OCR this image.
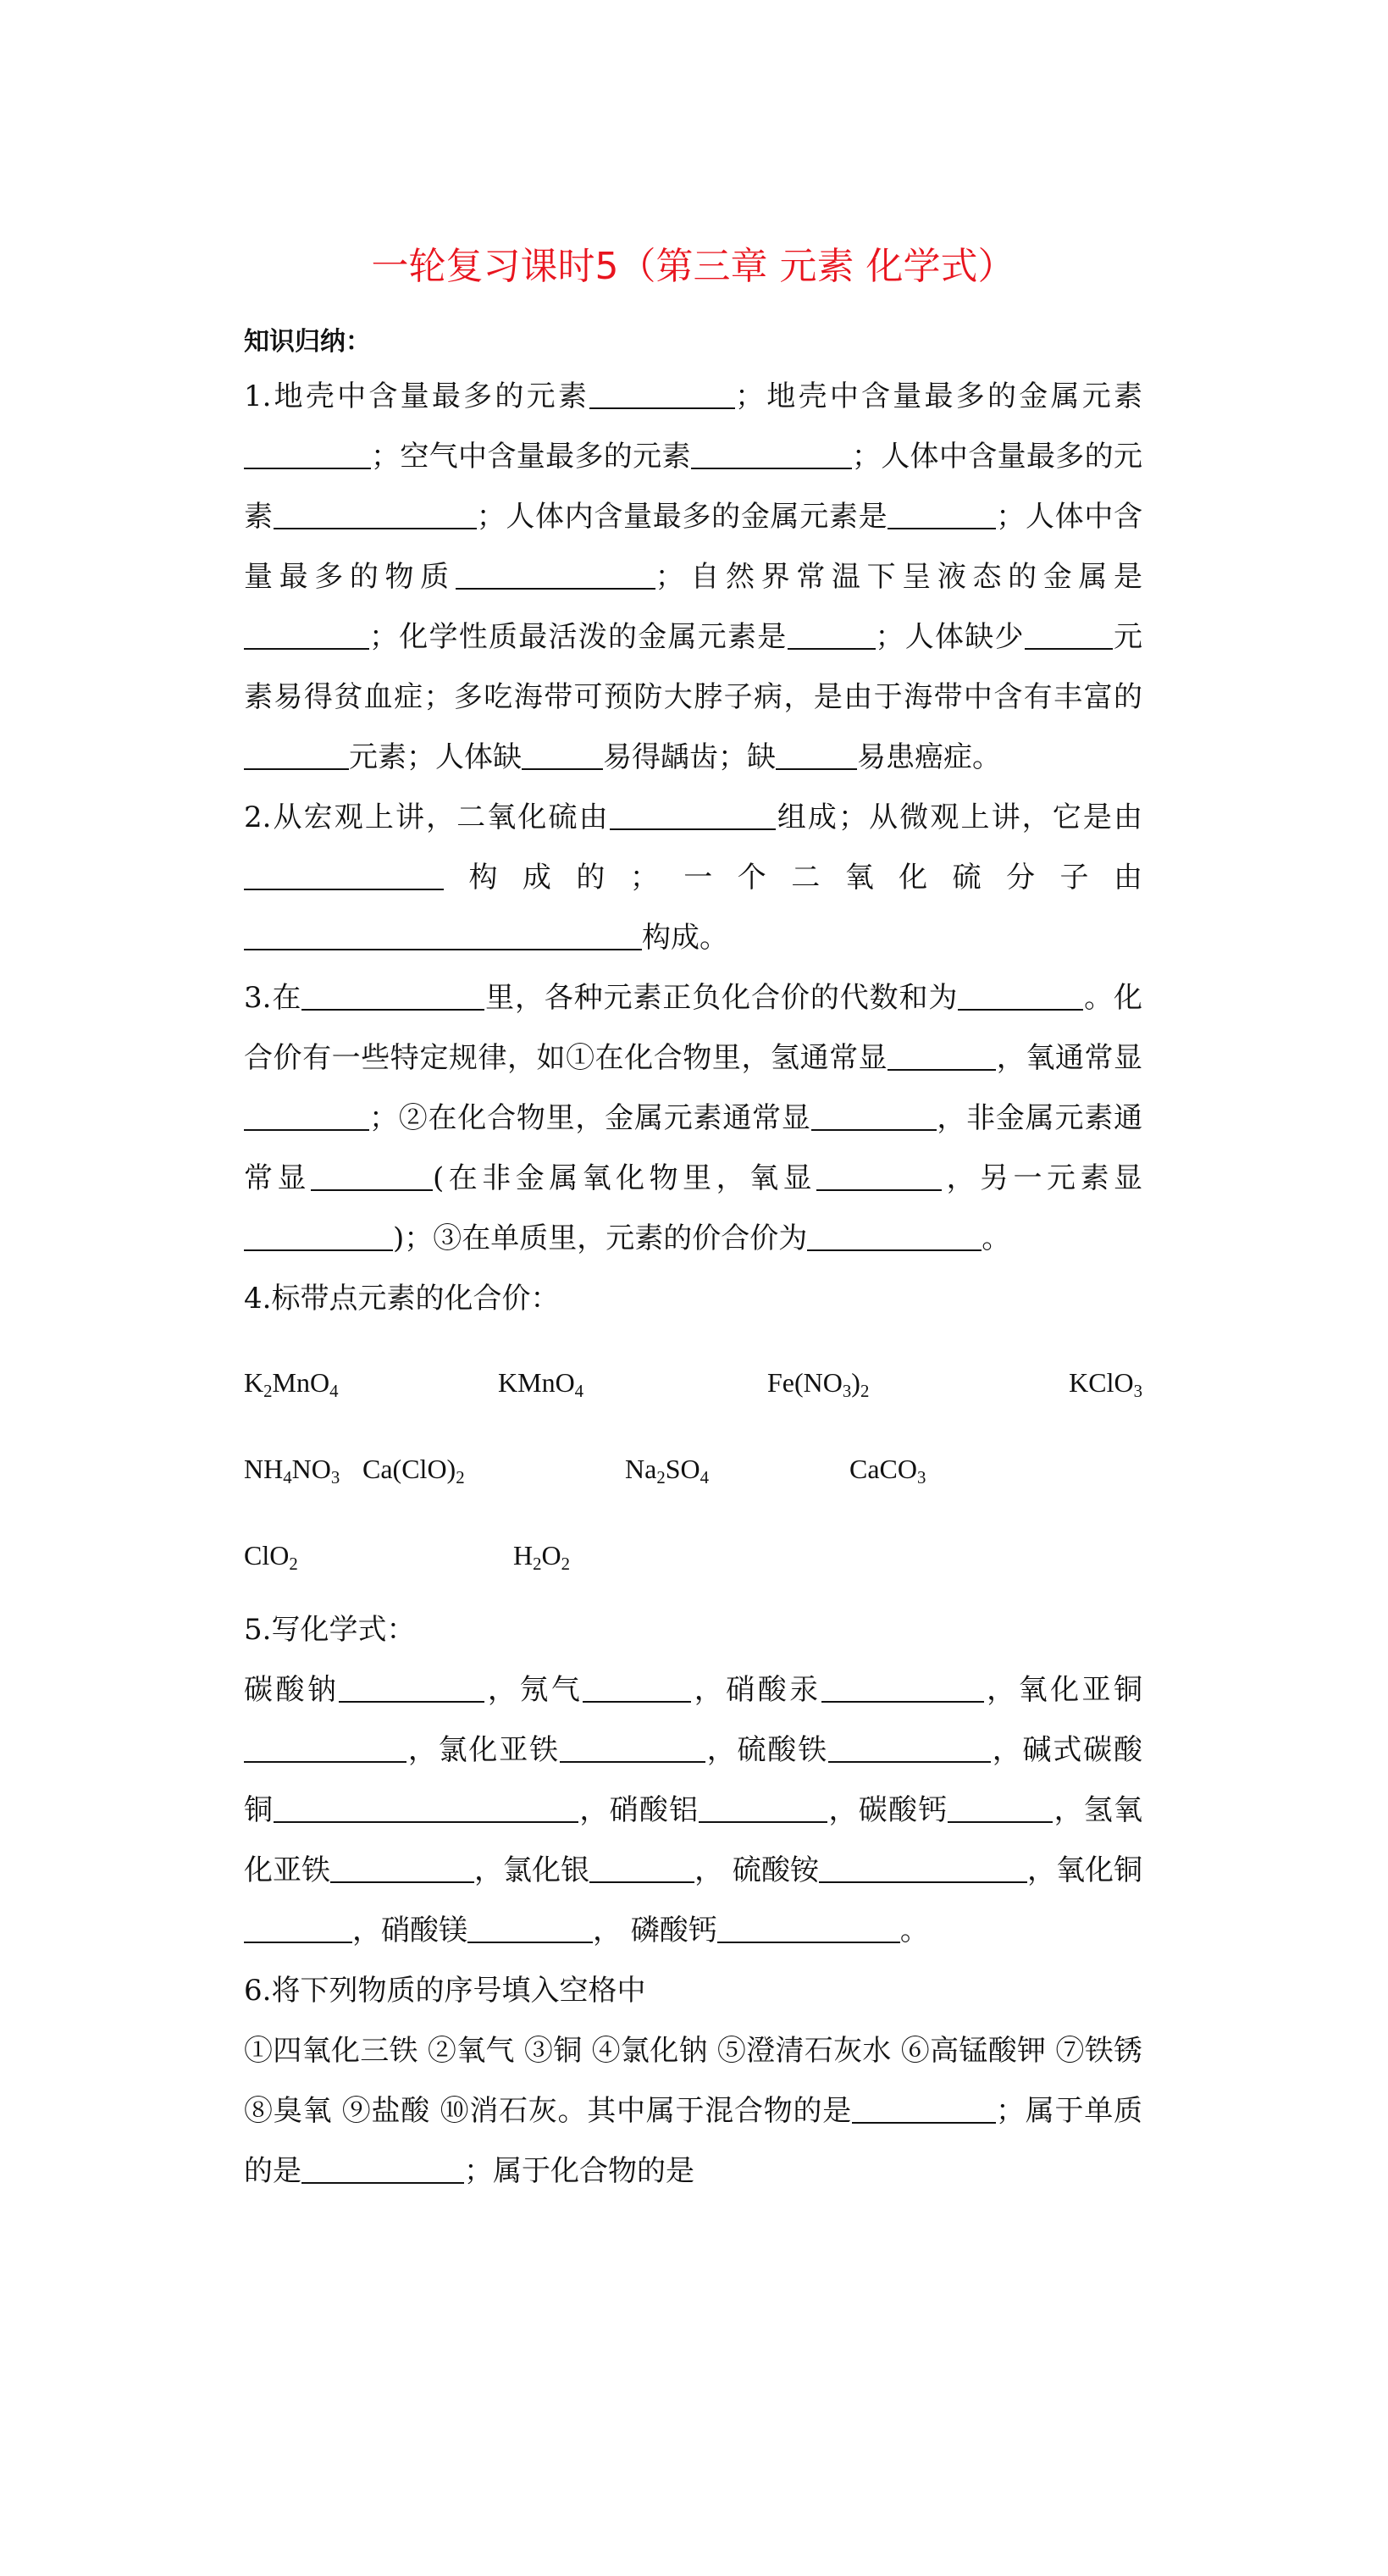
一轮复习课时5（第三章 元素 化学式）
知识归纳：
1.地壳中含量最多的元素	；地壳中含量最多的金属元素；空气中含量最多的元素	；人体中含量最多的元素	；人体内含量最多的金属元素是	；人体中含量最多的物质	；自然界常温下呈液态的金属是；化学性质最活泼的金属元素是	；人体缺少	元素易得贫血症；多吃海带可预防大脖子病，是由于海带中含有丰富的元素；人体缺	易得龋齿；缺	易患癌症。
2.从宏观上讲，二氧化硫由	组成；从微观上讲，它是由构成的；一个二氧化硫分子由构成。
3.在	里，各种元素正负化合价的代数和为	。化合价有一些特定规律，如①在化合物里，氢通常显	，氧通常显；②在化合物里，金属元素通常显	，非金属元素通常显	(在非金属氧化物里，氧显	，另一元素显)；③在单质里，元素的价合价为	。
4.标带点元素的化合价：
$K_2MnO_4$	KMnO$_4$	$Fe(NO_3)_2$	KClO$_3$
$NH_4NO_3$ $Ca(ClO)_2$	$Na_2SO_4$	CaCO$_3$
ClO$_2$	$H_2O_2$
5.写化学式：
碳酸钠	，氖气	，硝酸汞	，氧化亚铜，氯化亚铁	，硫酸铁	，碱式碳酸铜	，硝酸铝	，碳酸钙	，氢氧化亚铁	，氯化银	， 硫酸铵	，氧化铜，硝酸镁	， 磷酸钙	。
6.将下列物质的序号填入空格中
①四氧化三铁 ②氧气 ③铜 ④氯化钠 ⑤澄清石灰水 ⑥高锰酸钾 ⑦铁锈 ⑧臭氧 ⑨盐酸 ⑩消石灰。其中属于混合物的是	；属于单质的是	；属于化合物的是
